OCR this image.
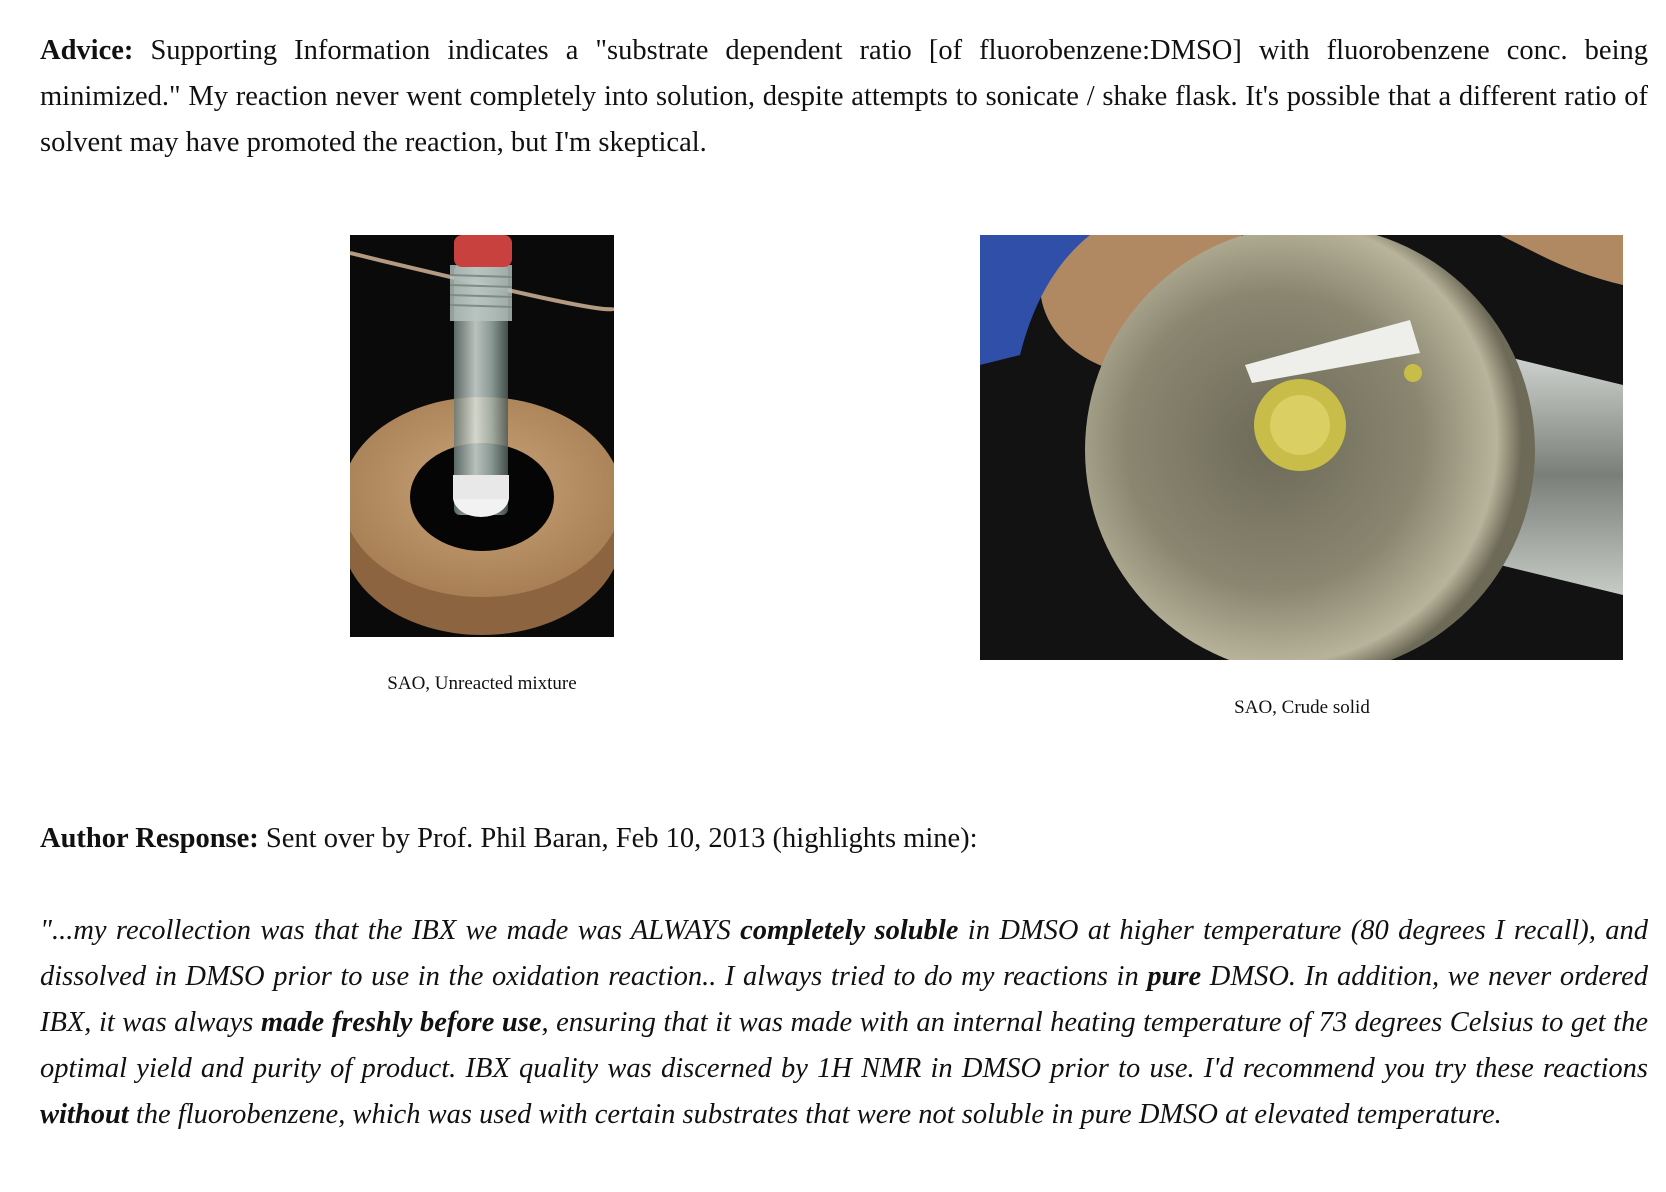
Advice: Supporting Information indicates a "substrate dependent ratio [of fluorobenzene:DMSO] with fluorobenzene conc. being minimized." My reaction never went completely into solution, despite attempts to sonicate / shake flask. It's possible that a different ratio of solvent may have promoted the reaction, but I'm skeptical.

SAO, Unreacted mixture
SAO, Crude solid

Author Response: Sent over by Prof. Phil Baran, Feb 10, 2013 (highlights mine):

"...my recollection was that the IBX we made was ALWAYS completely soluble in DMSO at higher temperature (80 degrees I recall), and dissolved in DMSO prior to use in the oxidation reaction.. I always tried to do my reactions in pure DMSO. In addition, we never ordered IBX, it was always made freshly before use, ensuring that it was made with an internal heating temperature of 73 degrees Celsius to get the optimal yield and purity of product. IBX quality was discerned by 1H NMR in DMSO prior to use. I'd recommend you try these reactions without the fluorobenzene, which was used with certain substrates that were not soluble in pure DMSO at elevated temperature.
